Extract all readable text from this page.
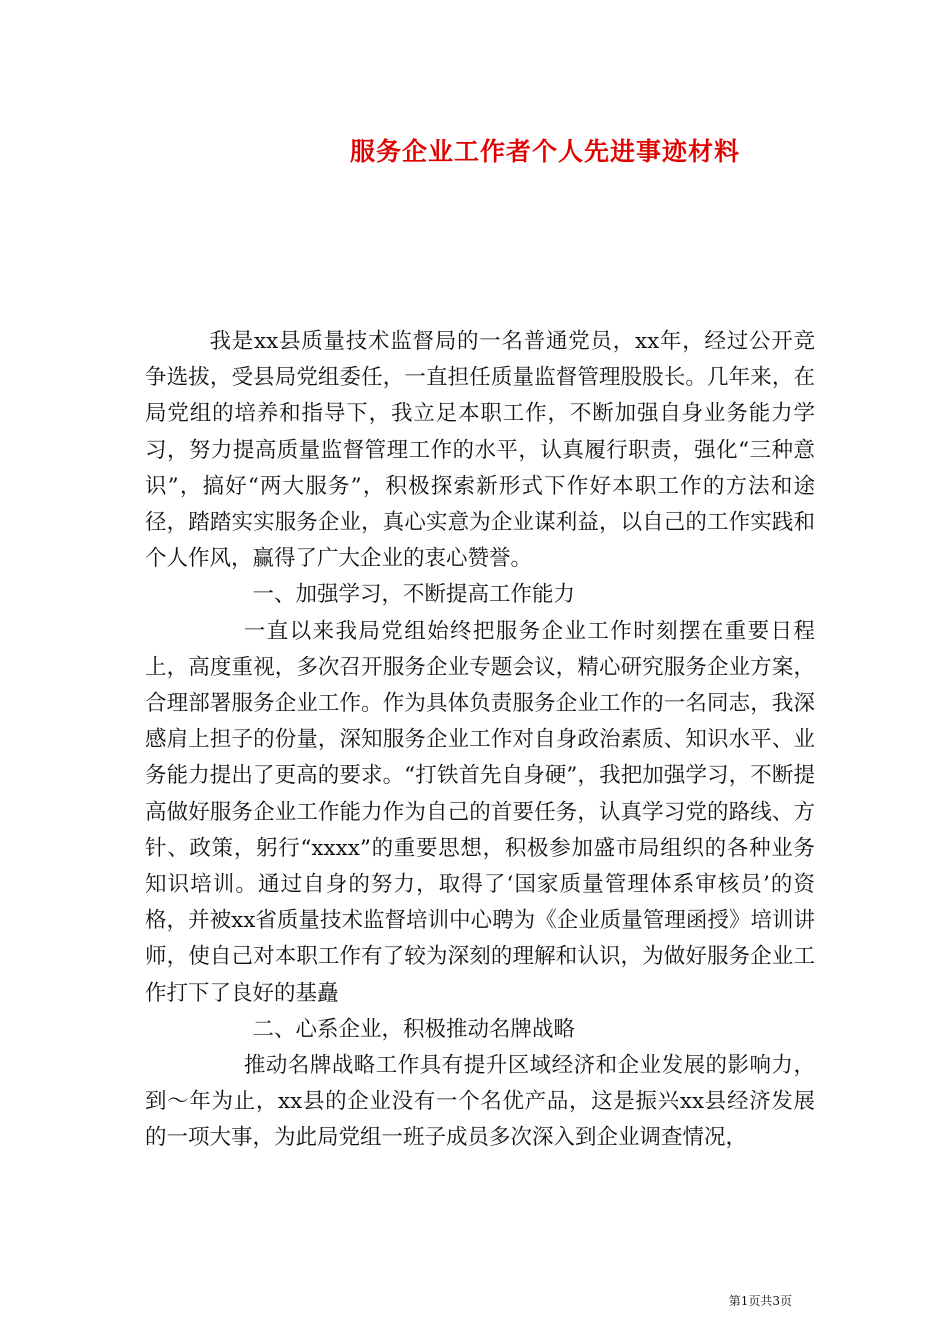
服务企业工作者个人先进事迹材料

我是xx县质量技术监督局的一名普通党员，xx年，经过公开竞争选拔，受县局党组委任，一直担任质量监督管理股股长。几年来，在局党组的培养和指导下，我立足本职工作，不断加强自身业务能力学习，努力提高质量监督管理工作的水平，认真履行职责，强化“三种意识”，搞好“两大服务”，积极探索新形式下作好本职工作的方法和途径，踏踏实实服务企业，真心实意为企业谋利益，以自己的工作实践和个人作风，赢得了广大企业的衷心赞誉。

一、加强学习，不断提高工作能力

一直以来我局党组始终把服务企业工作时刻摆在重要日程上，高度重视，多次召开服务企业专题会议，精心研究服务企业方案，合理部署服务企业工作。作为具体负责服务企业工作的一名同志，我深感肩上担子的份量，深知服务企业工作对自身政治素质、知识水平、业务能力提出了更高的要求。“打铁首先自身硬”，我把加强学习，不断提高做好服务企业工作能力作为自己的首要任务，认真学习党的路线、方针、政策，躬行“xxxx”的重要思想，积极参加盛市局组织的各种业务知识培训。通过自身的努力，取得了‘国家质量管理体系审核员’的资格，并被xx省质量技术监督培训中心聘为《企业质量管理函授》培训讲师，使自己对本职工作有了较为深刻的理解和认识，为做好服务企业工作打下了良好的基矗

二、心系企业，积极推动名牌战略

推动名牌战略工作具有提升区域经济和企业发展的影响力，到～年为止，xx县的企业没有一个名优产品，这是振兴xx县经济发展的一项大事，为此局党组一班子成员多次深入到企业调查情况，

第1页共3页
